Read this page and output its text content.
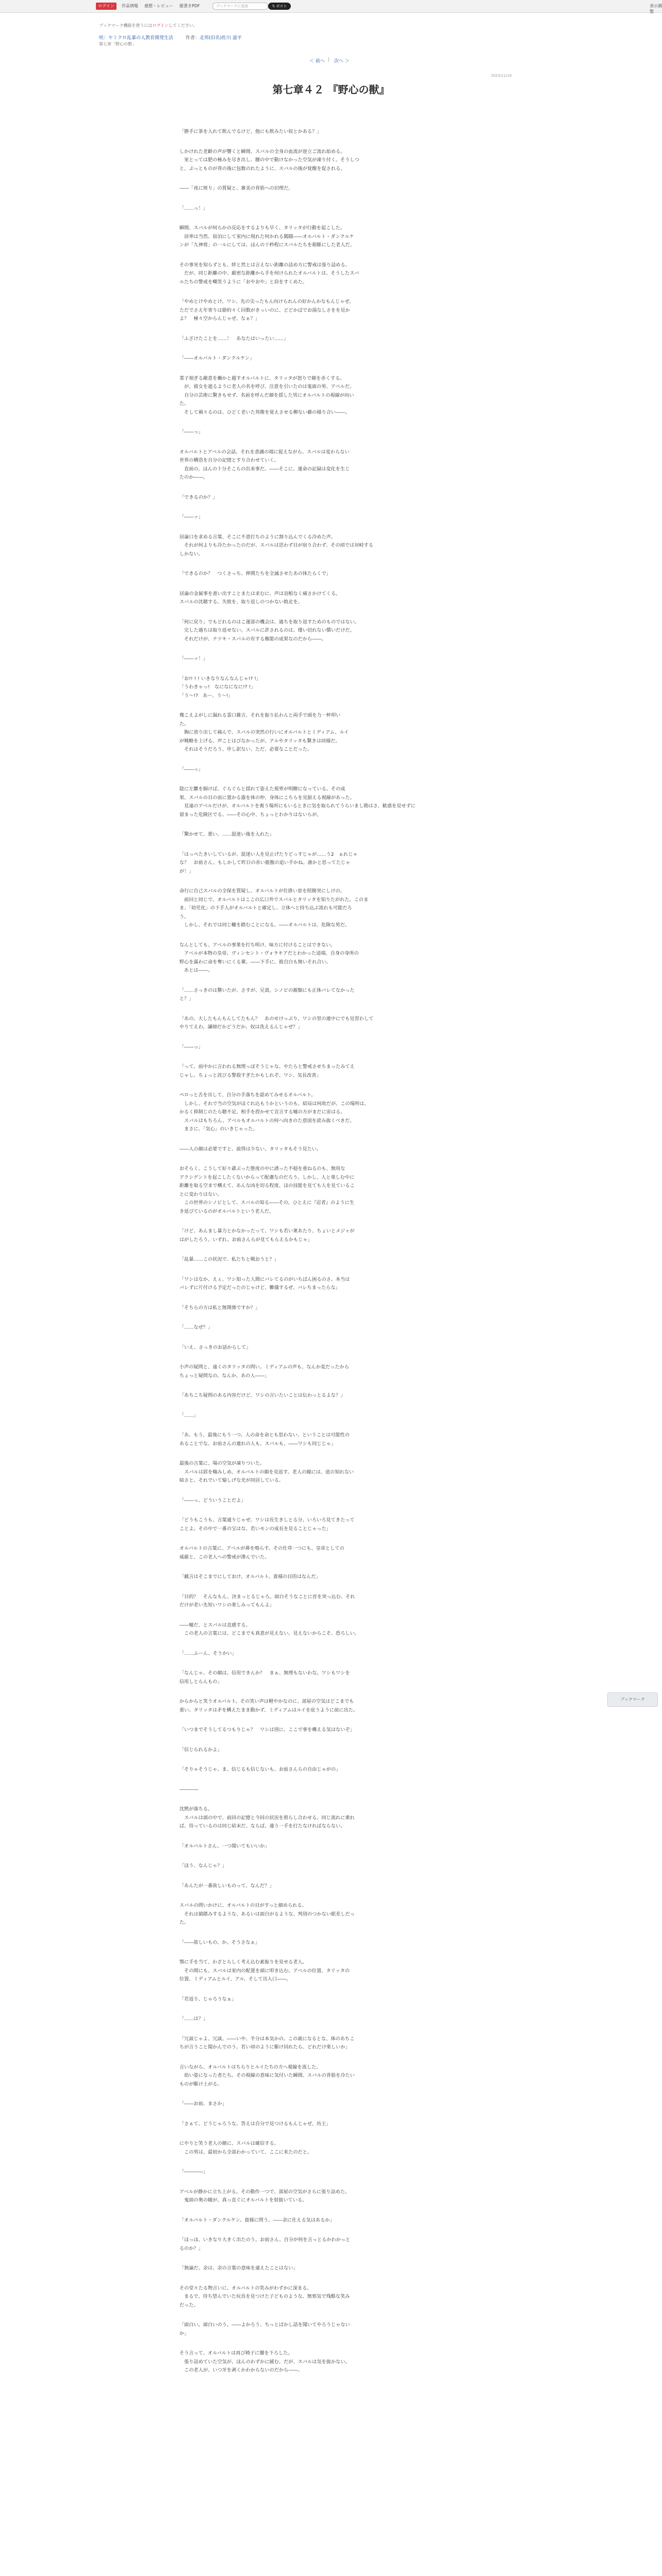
ログイン	作品情報 感想・レビュー 縦書きPDF	ブックマークに追加	𝕏 ポスト	表示調整
ブックマーク機能を使うにはログインしてください。
咲：ヤミクロ乱暴の人教育開発生活	作者：北邦(旧名)佐川 滋平
第七章「野心の獣」
＜ 前へ | 次へ ＞
2023/11/18
第七章４２ 『野心の獣』

「勝手に茶を入れて飲んでるけど、他にも飲みたい奴とかある？」

しかけれた老齢の声が響くと瞬間、スバルの全身の血流が逆立ご流れ始める。
　室とっては肥の極みを尽き出し、腰の中で動けなかった空気が凍り付く。そうしつ
と、ぷっとものが背の後に包数のれたように、スバルの後が覚醒を促される。

――「夜に斑り」の質疑と、審美の背筋への旧理だ。

「……っ！」

瞬間、スバルが何らかの反応をするよりも早く、タリッタが行動を起こした。
　居率は当然、宿泊にして室内に現れた何かれる闖闘――オルバルト・ダンクルケ
ンが「九神将」の一ルにしては、ほんの十秒程にスバルたちを箱駆にした老人だ。

その事実を知らずとも、絆と然とは言えない距離の詰め方に警戒は張り詰める。
　だが、同じ距離の中、厳密な距離から手を何けられたオルバルトは、そうしたスバ
ルたちの警戒を嘲笑うように「おやおや」と肩をすくめた。

「やめとけやめとけ、ワシ、先の尖ったもん向けられんの好かんかなもんじゃぜ。
ただでさえ年寄りは節約々く回数がきっいのに、どどかばでお湯なしさをを見か
よ？　極々空からんじゃぜ。なぁ？」

「ふざけたことを……！　あなたはいったい……」

「――オルバルト・ダンクルケン」

菜子刻ぎる敵意を働かと越すオルバルトに、タリッタが怒りで顔を赤くする。
　が、彼女を遮るように老人の名を呼び、注意を引いたのは鬼面の男、アベルだ。
　自分の芸術に驚きもせず、名前を呼んだ顔を揺した男にオルバルトの視線が向い
た。
　そして禍々るのは、ひどく老いた邦像を覚えさせる柳ない藤の様り合い――。

「――っ」

オルバルトとアベルの会話。それを意識の端に捉えながら、スバルは変わらない
世界の構造を自分の記憶とすり合わせていく。
　直前の、ほんの十分そこらの出来事だ。――そこに、運命の記録は変化を生じ
たのか――。

「できるのか？」

「――ッ」

居論口を求める言葉、そこに不意打ちのように割り込んでくる冷めた声。
　それが何よりも冷たかったのだが、スバルは思わず目が宿り合わず、その頃では対峙する
しかない。

「できるのか？　つくさっち、伸関たちを全滅させたあの体たらくで」

居論の金属事を書い出すことまたは求むに、声は羽根なく痛さかけてくる。
スバルの沈聴する。失敗を、取り返しのつかない敗北を。

「何に戻り」でもどれるのはこ運部の機会は、過ちを取り返すためのものではない。
　完した過ちは取り返せない。スバルに許されるのは、僅い切れない償いだけだ。
　それだけが、ナツキ・スバルの有する権能の成果なのだから――。

「――ッ！」

「お!! ! ! いきなりなんなんじゃ!? !」
「うわきゃっ!　なになになに!? !」
「う〜!?　あー、う〜!」

幾こえよがしに漏れる霊口雑言、それを振り払わんと両手で頭を力一杯叩い
た。
　胸に放り出して痛んで、スバルの突然の行いにオルバルトとミディアム、ルイ
が戦略を上げる。声ことはびなかったが、アルやタリッタも驚きは同様だ。
　それはそうだろう、申し訳ない、ただ、必要なことだった。

「――っ」

陰に左雛を掴けば、ぐらぐらと揺れて姿えた視界が明瞭になっている。その成
果、スバルの目の前に置かる器を体の仲、身体にこちらを見据える視線があった。
　見遠のアベルだけが、オルバルトを喪う場所にもいるときに気を取られてうらいまし勘はさ、歓惑を見せずに
留まった危険区でる。――その心中、ちょっとわかりはないらが。

「驚かせて、悪い。……混迷い後を入れた」

「はっぺたきいしているが、混迷い人を見止げたりどっすじゃが……う2　ぁれじゃ
な？　お前さん、もしかして昨日の赤い鹿腹の追い手かね。誰かと思ってたじゃ
が！」

命行に自己スバルの全保を質疑し、オルバルトが仕掛い窓を照撥突にしけの。
　前回と同じで、オルバルトはここの広口外でスバルとタリッタを知りたがれた。このま
ま、「幼児化」の下手人がオルバルトと確定し、立体へと持ち込ぶ流れも可能だろ
う。
　しかし、それでは同じ轍を踏むことになる。――オルバルトは、危険な男だ。

なんとしても、アベルの事業を打ち明け、味方に付けることはできない。
　アベルが本物の皇帝、ヴィンセント・ヴォラキアだとわかった途端、自身の身所の
野心を露わに命を奪いにくる輩。――下手に、彼自白も無いそれ合い。
　あとは――。

「……さっきのは驚いたが、さすが、兄貴。シノビの親類にも正体バレてなかった
と？」

「あの、大したもんもんしてたもん？　あのせけっぷり、ワシの里の連中にでも見習わして
やりてえわ。謙師だかどうだか、奴は洗えるんじゃぜ？」

「――っ」

「って、前中かに言われる無理っぽそうじゃな。やたらと警戒させちまったみてえ
じゃし。ちょっと詫びる警殺すぎたかもしれぞ。ワシ、気長改善」

ペロっと舌を出して、自分の手落ちを認めてみせるオルバルト。
　しかし、それで当の空気がほぐれ込もうかというのも、結局は何故だが、この場所は、
かるく抑制じのたら聴不足、相手を捏かせて宣言する嘘の方がまだに宙はる。
　スバルはもちろん、アベルもオルバルトの何へ向きのた意図を読み抜くべきだ。
　まさに、「気心」のいきじゃった。

――人の顔は必要ですと、説得は少ない、タリッタもそう見たい。

おそらく、こうして好々爺ぶった態度の中に誘った不穏を重ねるのも、無用な
アクシデントを起こしたくないからって配慮なのだろう。しかし、人と楽しむ中に
距離を取る空まで構えて、あんな凶を切る程度、ほの技能を見ても人を見ているこ
とに変わりはない。
　この世界のシノビとして、スバルの知る――その、ひとえに『忍者』のように生
き延びているのがオルバルトという老人だ。

「けど、あんまし暴力とかなかったって、ワシも若い衆あたり、ちょいとメジャが
はがしたろう。いずれ、お前さんらが見てもらえるかもじゃ」

「乱暴……この状況で、私たちと戦おうと？」

「ワシはなか、えぇ、ワシ知った人間にバレてるのがいちばん困るのさ。本当は
バレずに片付ける予定だったのじゃけど、難儀するぜ、バレちまったらな」

「そちらの方は私と無関係ですか？」

「……なぜ？」

「いえ、さっきのお話からして」

小声の疑問と、遠くのタリッタの問い。ミディアムの声も、なんか変だったから
ちょっと疑問なの。なんか、あの人――」

「あちこち疑問のある内容だけど、ワシの言いたいことは伝わっとるよな？」

「……」

「あ、もう、最後にもう一つ。人の命を命とも思わない、ということは可能性の
あることでな。お前さんの連れの人も、スバルも、――ワシも同じじゃ」

最後の言葉に、場の空気が凍りついた。
　スバルは唇を噛みしめ、オルバルトの顔を見返す。老人の瞳には、底の知れない
暗さと、それでいて愉しげな光が同居している。

「――っ、どういうことだよ」

「どうもこうも、言葉通りじゃぜ。ワシは長生きしとる分、いろいろ見てきたって
ことよ。その中で一番の宝はな、若いモンの成長を見ることじゃった」

オルバルトの言葉に、アベルが鼻を鳴らす。その仕草一つにも、皇帝としての
威厳と、この老人への警戒が滲んでいた。

「戯言はそこまでにしておけ、オルバルト。貴様の目的はなんだ」

「目的？　そんなもん、決まっとるじゃろ。面白そうなことに首を突っ込む、それ
だけが老い先短いワシの楽しみってもんよ」

――嘘だ、とスバルは直感する。
　この老人の言葉には、どこまでも真意が見えない。見えないからこそ、恐ろしい。

「……ふーん、そうかい」

「なんじゃ、その顔は。信用できんか？　まぁ、無理もないわな。ワシもワシを
信用しとらんもの」

からからと笑うオルバルト。その笑い声は軽やかなのに、部屋の空気はどこまでも
重い。タリッタは矛を構えたまま動かず、ミディアムはルイを庇うように前に出た。

「いつまでそうしてるつもりじゃ？　ワシは別に、ここで事を構える気はないぞ」

「信じられるかよ」

「そりゃそうじゃ。ま、信じるも信じないも、お前さんらの自由じゃがの」

――――

沈黙が落ちる。
　スバルは頭の中で、前回の記憶と今回の状況を照らし合わせる。同じ流れに乗れ
ば、待っているのは同じ結末だ。ならば、違う一手を打たなければならない。

「オルバルトさん、一つ聞いてもいいか」

「ほう、なんじゃ？」

「あんたが一番欲しいものって、なんだ？」

スバルの問いかけに、オルバルトの目がすっと細められる。
　それは値踏みするような、あるいは面白がるような、判別のつかない眼差しだっ
た。

「――欲しいもの、か。そうさなぁ」

顎に手を当て、わざとらしく考え込む素振りを見せる老人。
　その間にも、スバルは室内の配置を頭に叩き込む。アベルの位置、タリッタの
位置、ミディアムとルイ、アル、そして出入口――。

「若返り、じゃろうなぁ」

「……は？」

「冗談じゃよ、冗談。――いや、半分は本気かの。この歳になるとな、体のあちこ
ちが言うこと聞かんでのう。若い頃のように駆け回れたら、どれだけ楽しいか」

言いながら、オルバルトはちらりとルイたちの方へ視線を流した。
　幼い姿になった者たち。その視線の意味に気付いた瞬間、スバルの背筋を冷たい
ものが駆け上がる。

「――お前、まさか」

「さぁて、どうじゃろうな。答えは自分で見つけるもんじゃぜ、坊主」

にやりと笑う老人の顔に、スバルは確信する。
　この男は、最初から全部わかっていて、ここに来たのだと。

「――――」

アベルが静かに立ち上がる。その動作一つで、部屋の空気がさらに張り詰めた。
　鬼面の奥の瞳が、真っ直ぐにオルバルトを射抜いている。

「オルバルト・ダンクルケン。貴様に問う。――余に仕える気はあるか」

「ほっほ、いきなり大きく出たのう。お前さん、自分が何を言っとるかわかっと
るのか？」

「無論だ。余は、余の言葉の意味を違えたことはない」

その堂々たる物言いに、オルバルトの笑みがわずかに深まる。
　まるで、待ち望んでいた玩具を見つけた子どものような、無邪気で残酷な笑み
だった。

「面白い。面白いのう。――よかろう、ちっとばかし話を聞いてやろうじゃない
か」

そう言って、オルバルトは再び椅子に腰を下ろした。
　張り詰めていた空気が、ほんのわずかに緩む。だが、スバルは気を抜かない。
　この老人が、いつ牙を剥くかわからないのだから――。

ブックマーク
